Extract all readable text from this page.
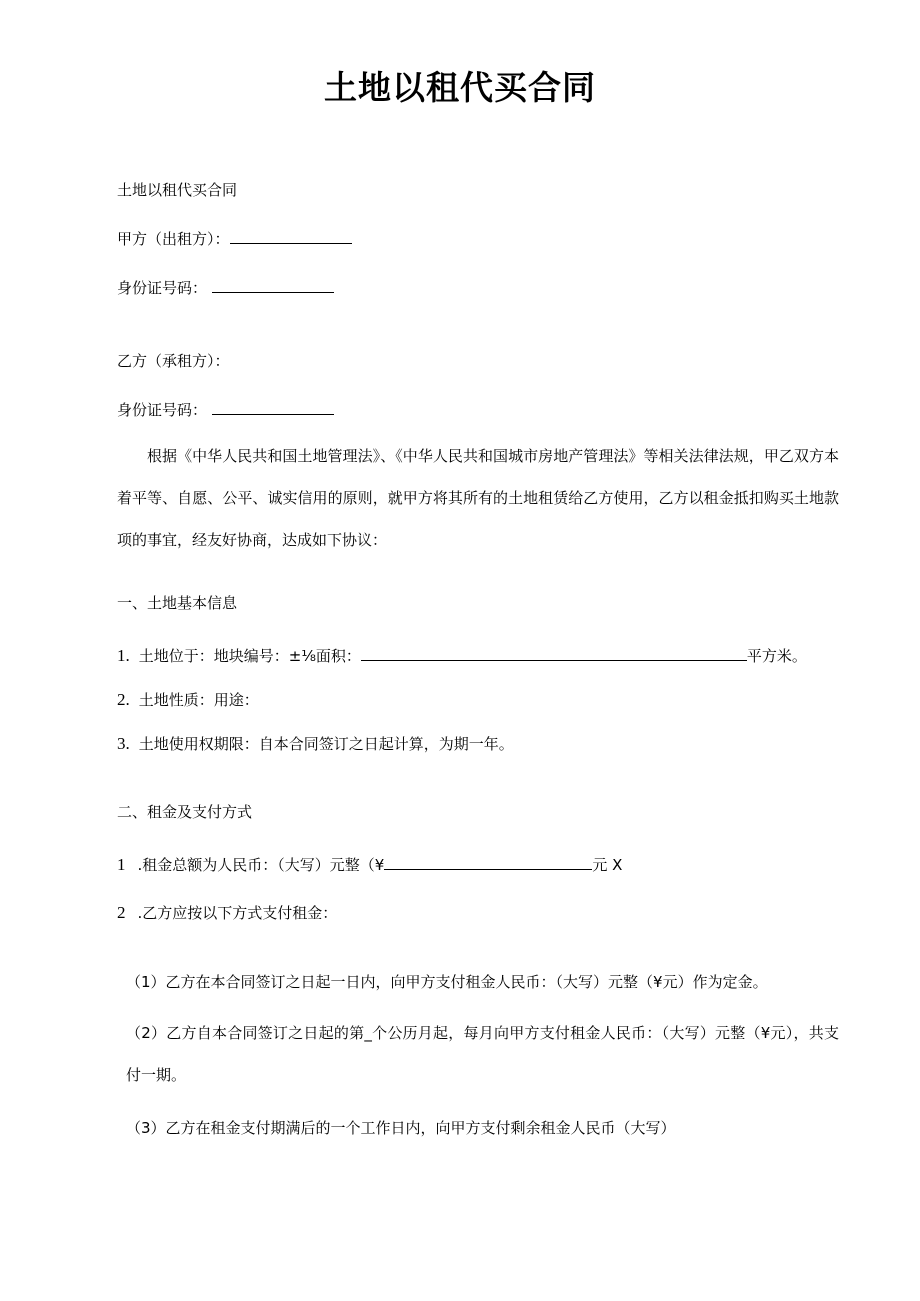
土地以租代买合同
土地以租代买合同
甲方（出租方）：
身份证号码：
乙方（承租方）：
身份证号码：

根据《中华人民共和国土地管理法》、《中华人民共和国城市房地产管理法》等相关法律法规，甲乙双方本着平等、自愿、公平、诚实信用的原则，就甲方将其所有的土地租赁给乙方使用，乙方以租金抵扣购买土地款项的事宜，经友好协商，达成如下协议：

一、土地基本信息
1. 土地位于：地块编号：±⅛面积：	平方米。
2. 土地性质：用途：
3. 土地使用权期限：自本合同签订之日起计算，为期一年。
二、租金及支付方式
1 .租金总额为人民币：（大写）元整（¥	元 X
2 .乙方应按以下方式支付租金：
（1）乙方在本合同签订之日起一日内，向甲方支付租金人民币：（大写）元整（¥元）作为定金。

（2）乙方自本合同签订之日起的第_个公历月起，每月向甲方支付租金人民币：（大写）元整（¥元），共支付一期。

（3）乙方在租金支付期满后的一个工作日内，向甲方支付剩余租金人民币（大写）
